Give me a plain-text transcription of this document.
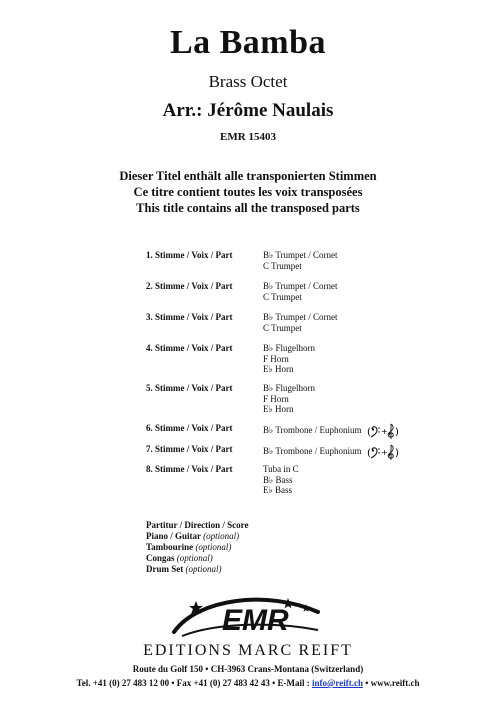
La Bamba
Brass Octet
Arr.: Jérôme Naulais
EMR 15403
Dieser Titel enthält alle transponierten Stimmen
Ce titre contient toutes les voix transposées
This title contains all the transposed parts
1. Stimme / Voix / Part	B♭ Trumpet / Cornet
C Trumpet
2. Stimme / Voix / Part	B♭ Trumpet / Cornet
C Trumpet
3. Stimme / Voix / Part	B♭ Trumpet / Cornet
C Trumpet
4. Stimme / Voix / Part	B♭ Flugelhorn
F Horn
E♭ Horn
5. Stimme / Voix / Part	B♭ Flugelhorn
F Horn
E♭ Horn
6. Stimme / Voix / Part	B♭ Trombone / Euphonium ( + )
7. Stimme / Voix / Part	B♭ Trombone / Euphonium ( + )
8. Stimme / Voix / Part	Tuba in C
B♭ Bass
E♭ Bass
Partitur / Direction / Score
Piano / Guitar (optional)
Tambourine (optional)
Congas (optional)
Drum Set (optional)
EMR
EDITIONS MARC REIFT
Route du Golf 150 • CH-3963 Crans-Montana (Switzerland)
Tel. +41 (0) 27 483 12 00 • Fax +41 (0) 27 483 42 43 • E-Mail : info@reift.ch • www.reift.ch
